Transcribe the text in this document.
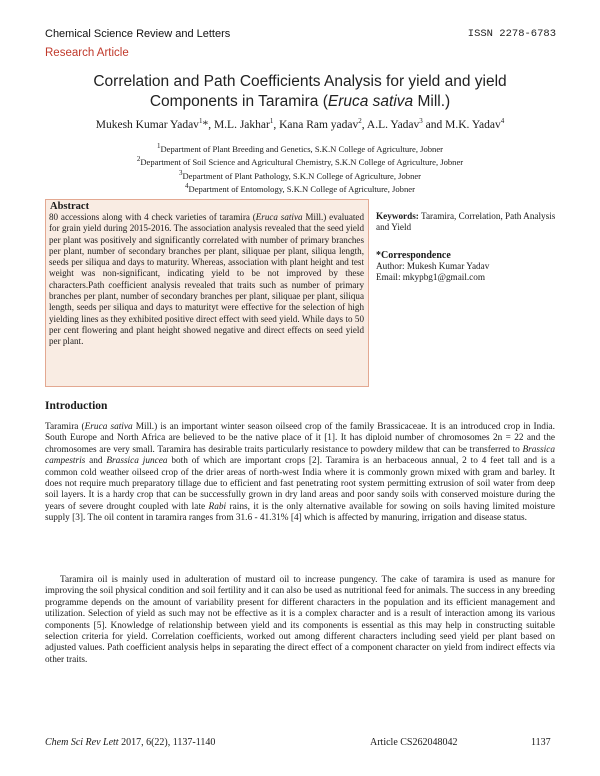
Chemical Science Review and Letters	ISSN 2278-6783
Research Article
Correlation and Path Coefficients Analysis for yield and yield
Components in Taramira (Eruca sativa Mill.)
Mukesh Kumar Yadav$^1$*, M.L. Jakhar$^1$, Kana Ram yadav$^2$, A.L. Yadav$^3$ and M.K. Yadav$^4$
$^1$Department of Plant Breeding and Genetics, S.K.N College of Agriculture, Jobner
$^2$Department of Soil Science and Agricultural Chemistry, S.K.N College of Agriculture, Jobner
$^3$Department of Plant Pathology, S.K.N College of Agriculture, Jobner
$^4$Department of Entomology, S.K.N College of Agriculture, Jobner
Abstract
80 accessions along with 4 check varieties of taramira (Eruca sativa Mill.) evaluated for grain yield during 2015-2016. The association analysis revealed that the seed yield per plant was positively and significantly correlated with number of primary branches per plant, number of secondary branches per plant, siliquae per plant, siliqua length, seeds per siliqua and days to maturity. Whereas, association with plant height and test weight was non-significant, indicating yield to be not improved by these characters.Path coefficient analysis revealed that traits such as number of primary branches per plant, number of secondary branches per plant, siliquae per plant, siliqua length, seeds per siliqua and days to maturityt were effective for the selection of high yielding lines as they exhibited positive direct effect with seed yield. While days to 50 per cent flowering and plant height showed negative and direct effects on seed yield per plant.
Keywords: Taramira, Correlation, Path Analysis and Yield
*Correspondence
Author: Mukesh Kumar Yadav
Email: mkypbg1@gmail.com
Introduction
Taramira (Eruca sativa Mill.) is an important winter season oilseed crop of the family Brassicaceae. It is an introduced crop in India. South Europe and North Africa are believed to be the native place of it [1]. It has diploid number of chromosomes 2n = 22 and the chromosomes are very small. Taramira has desirable traits particularly resistance to powdery mildew that can be transferred to Brassica campestris and Brassica juncea both of which are important crops [2]. Taramira is an herbaceous annual, 2 to 4 feet tall and is a common cold weather oilseed crop of the drier areas of north-west India where it is commonly grown mixed with gram and barley. It does not require much preparatory tillage due to efficient and fast penetrating root system permitting extrusion of soil water from deep soil layers. It is a hardy crop that can be successfully grown in dry land areas and poor sandy soils with conserved moisture during the years of severe drought coupled with late Rabi rains, it is the only alternative available for sowing on soils having limited moisture supply [3]. The oil content in taramira ranges from 31.6 - 41.31% [4] which is affected by manuring, irrigation and disease status.
Taramira oil is mainly used in adulteration of mustard oil to increase pungency. The cake of taramira is used as manure for improving the soil physical condition and soil fertility and it can also be used as nutritional feed for animals. The success in any breeding programme depends on the amount of variability present for different characters in the population and its efficient management and utilization. Selection of yield as such may not be effective as it is a complex character and is a result of interaction among its various components [5]. Knowledge of relationship between yield and its components is essential as this may help in constructing suitable selection criteria for yield. Correlation coefficients, worked out among different characters including seed yield per plant based on adjusted values. Path coefficient analysis helps in separating the direct effect of a component character on yield from indirect effects via other traits.
Chem Sci Rev Lett 2017, 6(22), 1137-1140	Article CS262048042	1137
